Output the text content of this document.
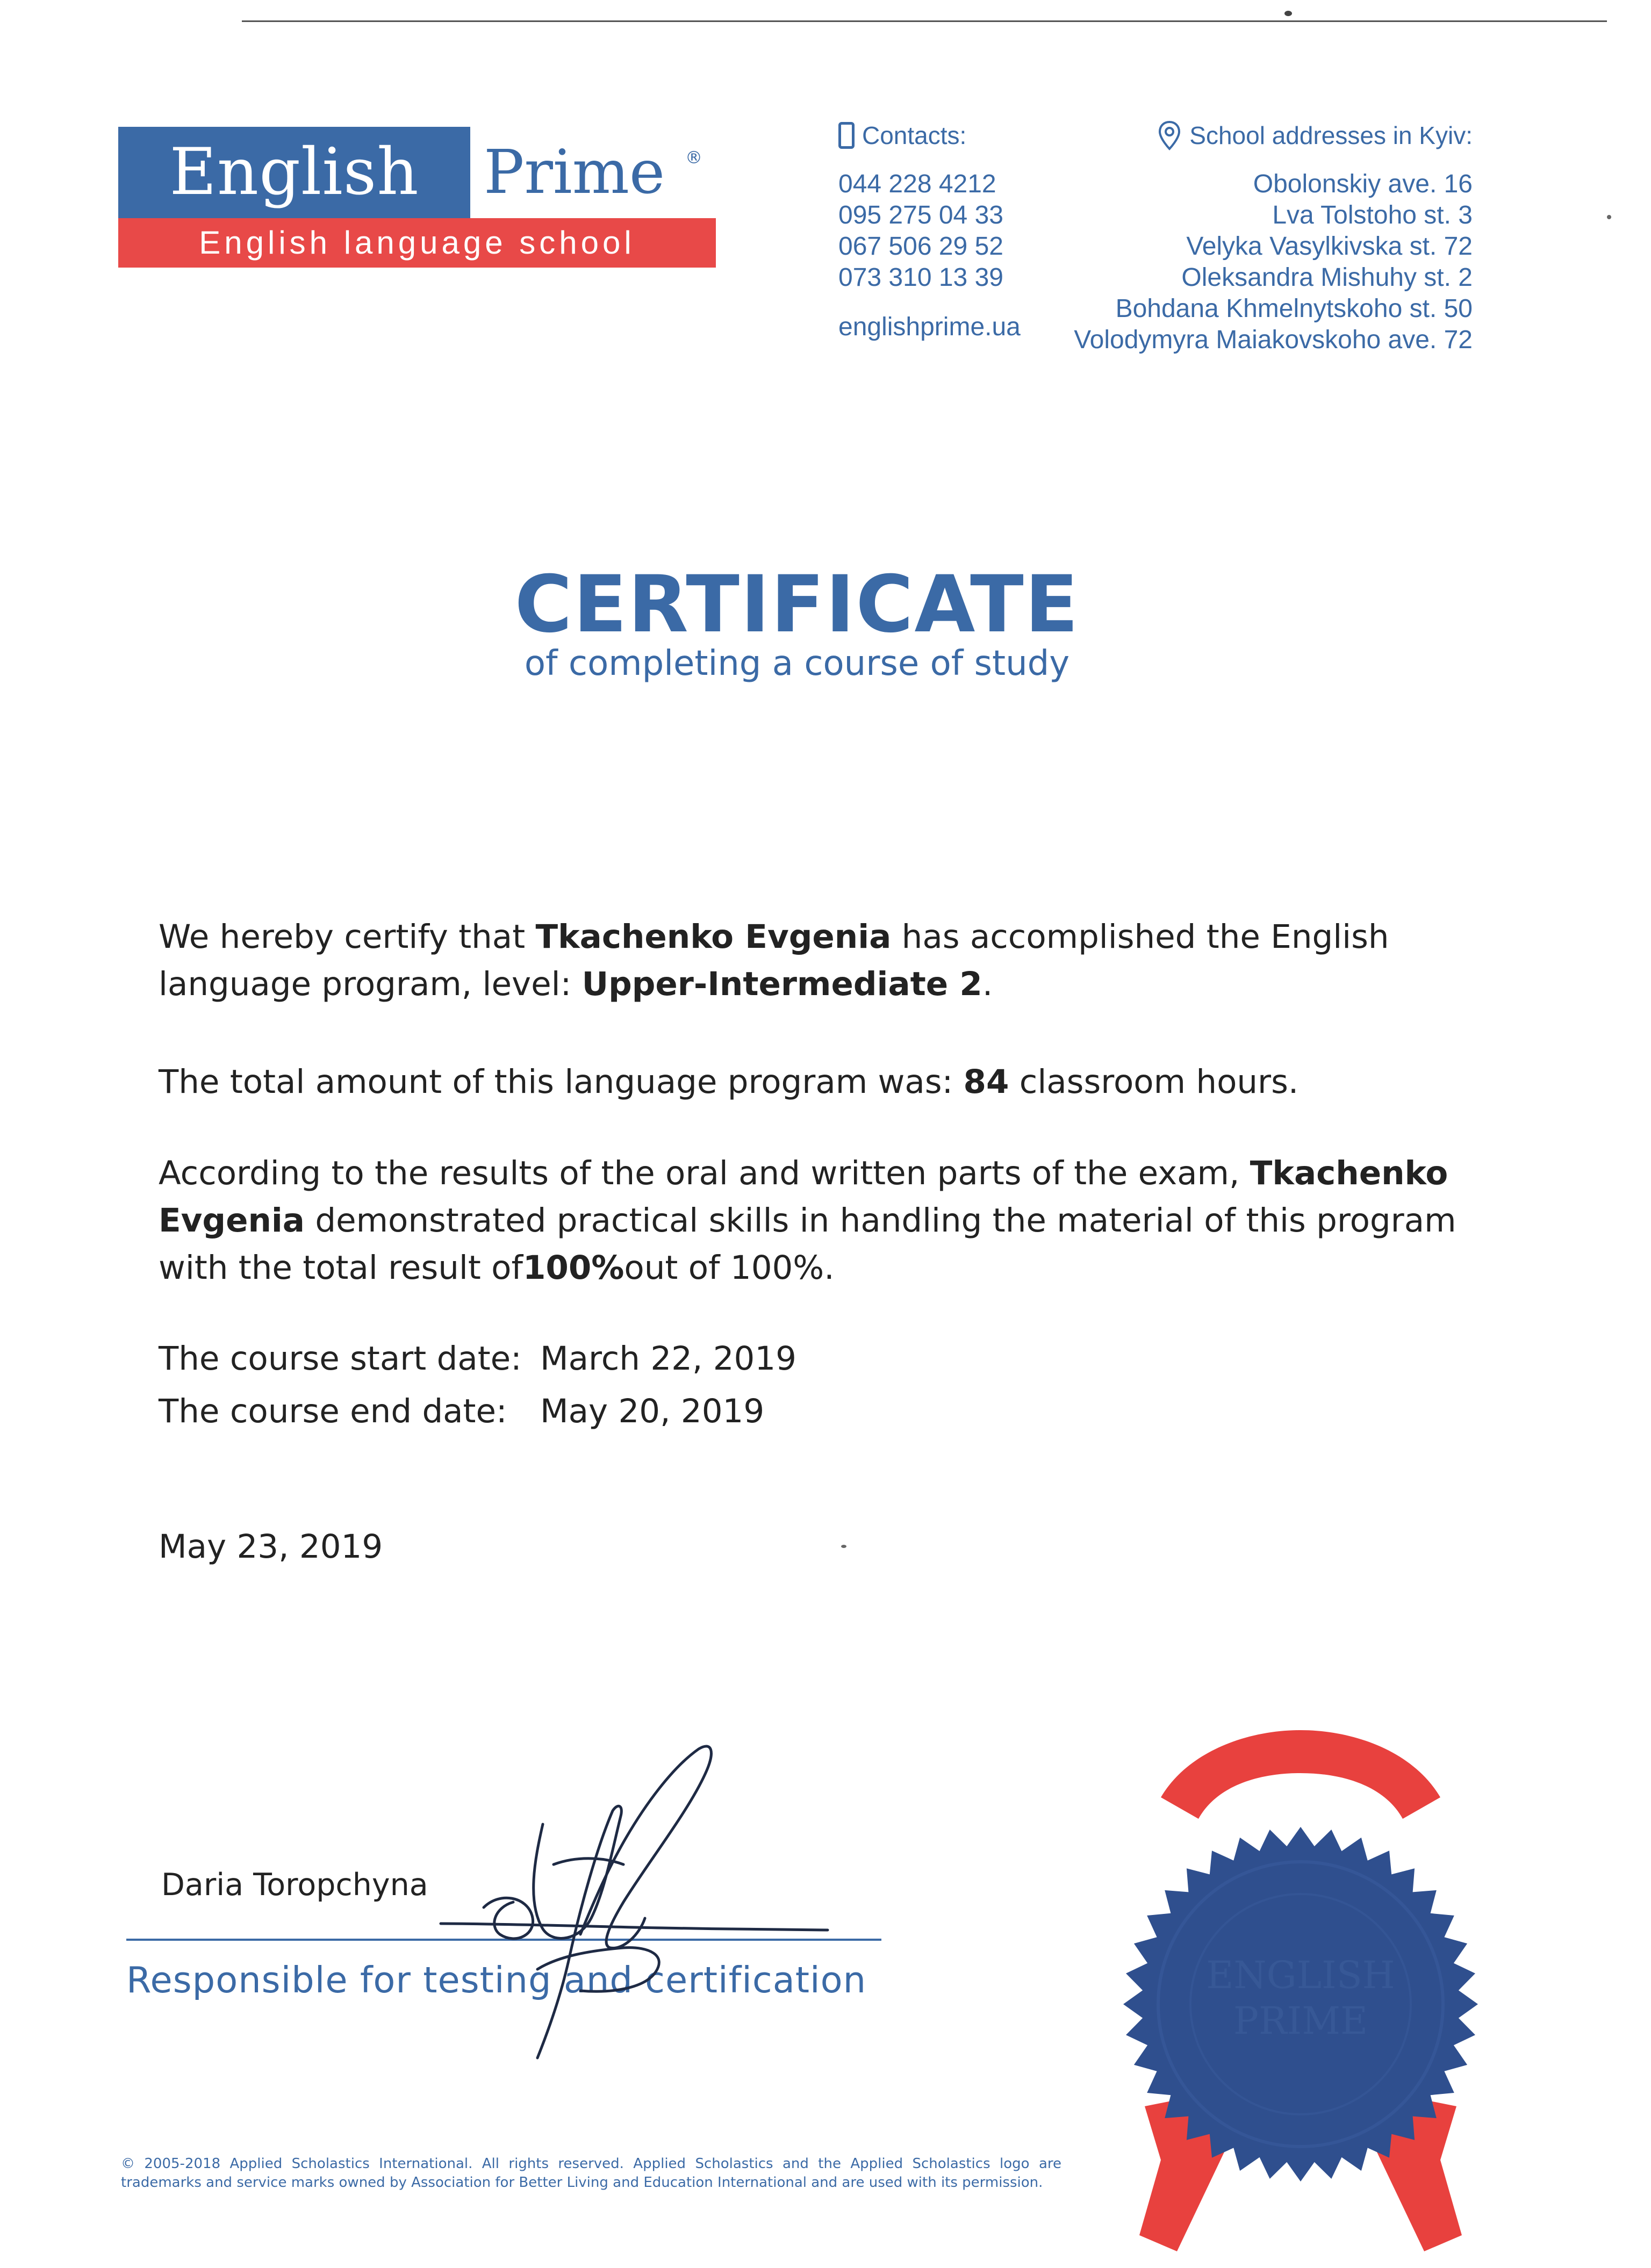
English	Prime	®
English language school
Contacts:
044 228 4212
095 275 04 33
067 506 29 52
073 310 13 39
englishprime.ua
School addresses in Kyiv:
Obolonskiy ave. 16
Lva Tolstoho st. 3
Velyka Vasylkivska st. 72
Oleksandra Mishuhy st. 2
Bohdana Khmelnytskoho st. 50
Volodymyra Maiakovskoho ave. 72
CERTIFICATE
of completing a course of study
We hereby certify that Tkachenko Evgenia has accomplished the English language program, level: Upper-Intermediate 2.
The total amount of this language program was: 84 classroom hours.
According to the results of the oral and written parts of the exam, Tkachenko Evgenia demonstrated practical skills in handling the material of this program with the total result of100%out of 100%.
The course start date: March 22, 2019
The course end date: May 20, 2019
May 23, 2019
Daria Toropchyna
Responsible for testing and certification	ENGLISH
PRIME
© 2005-2018 Applied Scholastics International. All rights reserved. Applied Scholastics and the Applied Scholastics logo are trademarks and service marks owned by Association for Better Living and Education International and are used with its permission.
